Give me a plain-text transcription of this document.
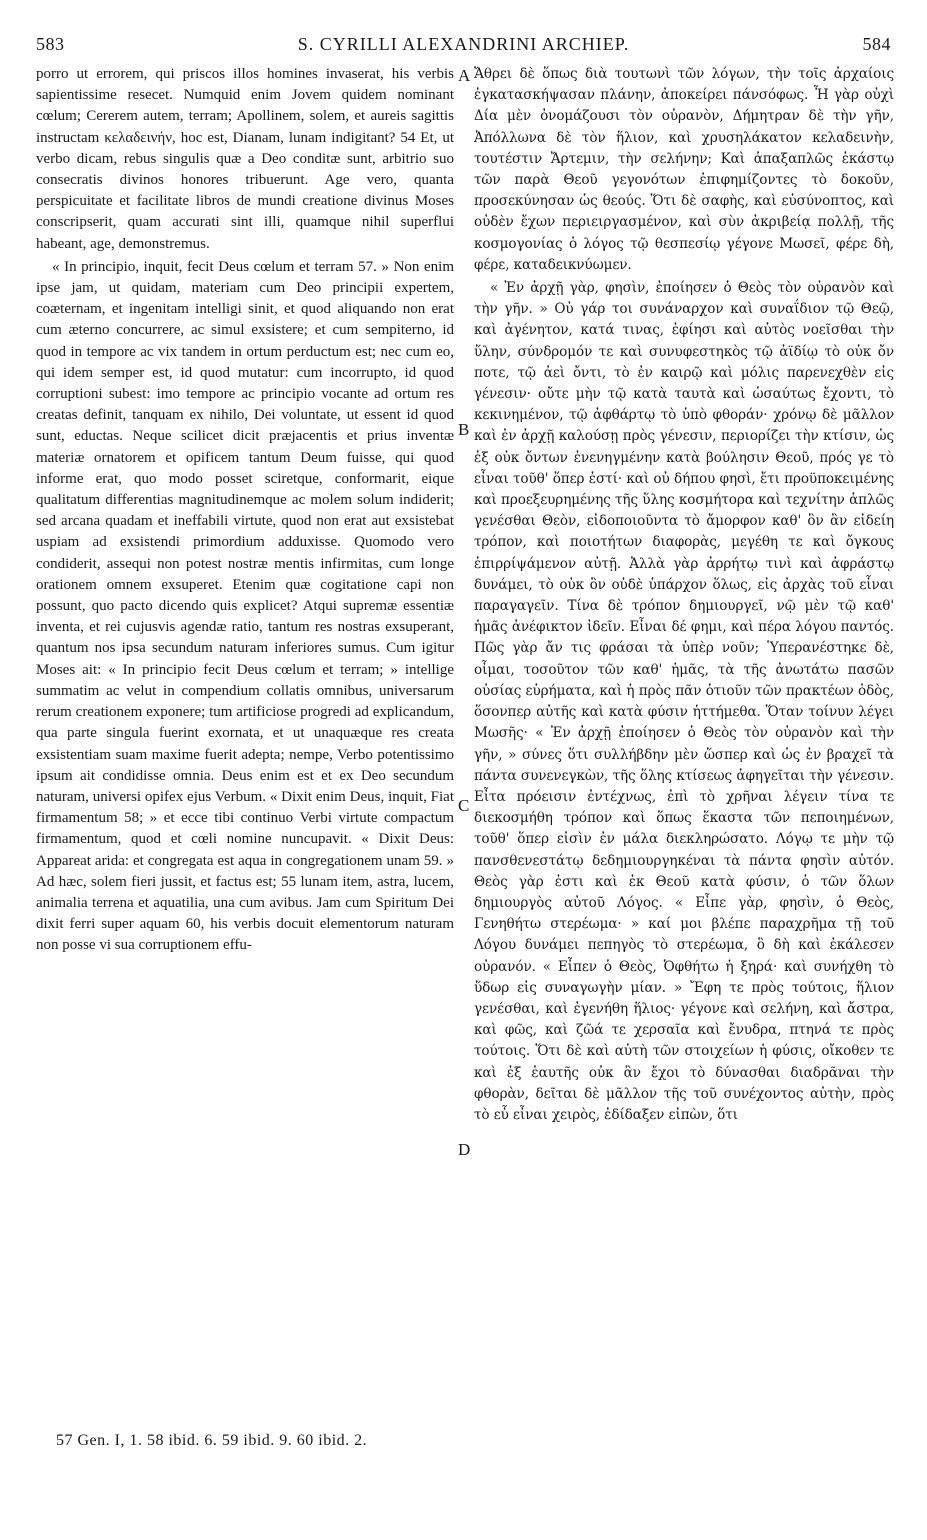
583	S. CYRILLI ALEXANDRINI ARCHIEP.	584

porro ut errorem, qui priscos illos homines invaserat, his verbis sapientissime resecet. Numquid enim Jovem quidem nominant cœlum; Cererem autem, terram; Apollinem, solem, et aureis sagittis instructam κελαδεινήν, hoc est, Dianam, lunam indigitant? 54 Et, ut verbo dicam, rebus singulis quæ a Deo conditæ sunt, arbitrio suo consecratis divinos honores tribuerunt. Age vero, quanta perspicuitate et facilitate libros de mundi creatione divinus Moses conscripserit, quam accurati sint illi, quamque nihil superflui habeant, age, demonstremus.

« In principio, inquit, fecit Deus cœlum et terram 57. » Non enim ipse jam, ut quidam, materiam cum Deo principii expertem, coæternam, et ingenitam intelligi sinit, et quod aliquando non erat cum æterno concurrere, ac simul exsistere; et cum sempiterno, id quod in tempore ac vix tandem in ortum perductum est; nec cum eo, qui idem semper est, id quod mutatur: cum incorrupto, id quod corruptioni subest: imo tempore ac principio vocante ad ortum res creatas definit, tanquam ex nihilo, Dei voluntate, ut essent id quod sunt, eductas. Neque scilicet dicit præjacentis et prius inventæ materiæ ornatorem et opificem tantum Deum fuisse, qui quod informe erat, quo modo posset sciretque, conformarit, eique qualitatum differentias magnitudinemque ac molem solum indiderit; sed arcana quadam et ineffabili virtute, quod non erat aut exsistebat uspiam ad exsistendi primordium adduxisse. Quomodo vero condiderit, assequi non potest nostræ mentis infirmitas, cum longe orationem omnem exsuperet. Etenim quæ cogitatione capi non possunt, quo pacto dicendo quis explicet? Atqui supremæ essentiæ inventa, et rei cujusvis agendæ ratio, tantum res nostras exsuperant, quantum nos ipsa secundum naturam inferiores sumus. Cum igitur Moses ait: « In principio fecit Deus cœlum et terram; » intellige summatim ac velut in compendium collatis omnibus, universarum rerum creationem exponere; tum artificiose progredi ad explicandum, qua parte singula fuerint exornata, et ut unaquæque res creata exsistentiam suam maxime fuerit adepta; nempe, Verbo potentissimo ipsum ait condidisse omnia. Deus enim est et ex Deo secundum naturam, universi opifex ejus Verbum. « Dixit enim Deus, inquit, Fiat firmamentum 58; » et ecce tibi continuo Verbi virtute compactum firmamentum, quod et cœli nomine nuncupavit. « Dixit Deus: Appareat arida: et congregata est aqua in congregationem unam 59. » Ad hæc, solem fieri jussit, et factus est; 55 lunam item, astra, lucem, animalia terrena et aquatilia, una cum avibus. Jam cum Spiritum Dei dixit ferri super aquam 60, his verbis docuit elementorum naturam non posse vi sua corruptionem effu-

A
B
C
D

Ἄθρει δὲ ὅπως διὰ τουτωνὶ τῶν λόγων, τὴν τοῖς ἀρχαίοις ἐγκατασκήψασαν πλάνην, ἀποκείρει πάνσόφως. Ἦ γὰρ οὐχὶ Δία μὲν ὀνομάζουσι τὸν οὐρανὸν, Δήμητραν δὲ τὴν γῆν, Ἀπόλλωνα δὲ τὸν ἥλιον, καὶ χρυσηλάκατον κελαδεινὴν, τουτέστιν Ἄρτεμιν, τὴν σελήνην; Καὶ ἁπαξαπλῶς ἑκάστῳ τῶν παρὰ Θεοῦ γεγονότων ἐπιφημίζοντες τὸ δοκοῦν, προσεκύνησαν ὡς θεούς. Ὅτι δὲ σαφὴς, καὶ εὐσύνοπτος, καὶ οὐδὲν ἔχων περιειργασμένον, καὶ σὺν ἀκριβείᾳ πολλῇ, τῆς κοσμογονίας ὁ λόγος τῷ θεσπεσίῳ γέγονε Μωσεῖ, φέρε δὴ, φέρε, καταδεικνύωμεν.

« Ἐν ἀρχῇ γὰρ, φησὶν, ἐποίησεν ὁ Θεὸς τὸν οὐρανὸν καὶ τὴν γῆν. » Οὐ γάρ τοι συνάναρχον καὶ συναΐδιον τῷ Θεῷ, καὶ ἀγένητον, κατά τινας, ἐφίησι καὶ αὐτὸς νοεῖσθαι τὴν ὕλην, σύνδρομόν τε καὶ συνυφεστηκὸς τῷ ἀϊδίῳ τὸ οὐκ ὄν ποτε, τῷ ἀεὶ ὄντι, τὸ ἐν καιρῷ καὶ μόλις παρενεχθὲν εἰς γένεσιν· οὔτε μὴν τῷ κατὰ ταυτὰ καὶ ὡσαύτως ἔχοντι, τὸ κεκινημένον, τῷ ἀφθάρτῳ τὸ ὑπὸ φθοράν· χρόνῳ δὲ μᾶλλον καὶ ἐν ἀρχῇ καλούσῃ πρὸς γένεσιν, περιορίζει τὴν κτίσιν, ὡς ἐξ οὐκ ὄντων ἐνενηγμένην κατὰ βούλησιν Θεοῦ, πρός γε τὸ εἶναι τοῦθ' ὅπερ ἐστί· καὶ οὐ δήπου φησὶ, ἔτι προϋποκειμένης καὶ προεξευρημένης τῆς ὕλης κοσμήτορα καὶ τεχνίτην ἁπλῶς γενέσθαι Θεὸν, εἰδοποιοῦντα τὸ ἄμορφον καθ' ὃν ἂν εἰδείη τρόπον, καὶ ποιοτήτων διαφορὰς, μεγέθη τε καὶ ὄγκους ἐπιρρίψάμενον αὐτῇ. Ἀλλὰ γὰρ ἀρρήτῳ τινὶ καὶ ἀφράστῳ δυνάμει, τὸ οὐκ ὂν οὐδὲ ὑπάρχον ὅλως, εἰς ἀρχὰς τοῦ εἶναι παραγαγεῖν. Τίνα δὲ τρόπον δημιουργεῖ, νῷ μὲν τῷ καθ' ἡμᾶς ἀνέφικτον ἰδεῖν. Εἶναι δέ φημι, καὶ πέρα λόγου παντός. Πῶς γὰρ ἄν τις φράσαι τὰ ὑπὲρ νοῦν; Ὑπερανέστηκε δὲ, οἶμαι, τοσοῦτον τῶν καθ' ἡμᾶς, τὰ τῆς ἀνωτάτω πασῶν οὐσίας εὑρήματα, καὶ ἡ πρὸς πᾶν ὁτιοῦν τῶν πρακτέων ὁδὸς, ὅσονπερ αὐτῆς καὶ κατὰ φύσιν ἡττήμεθα. Ὅταν τοίνυν λέγει Μωσῆς· « Ἐν ἀρχῇ ἐποίησεν ὁ Θεὸς τὸν οὐρανὸν καὶ τὴν γῆν, » σύνες ὅτι συλλήβδην μὲν ὥσπερ καὶ ὡς ἐν βραχεῖ τὰ πάντα συνενεγκὼν, τῆς ὅλης κτίσεως ἀφηγεῖται τὴν γένεσιν. Εἶτα πρόεισιν ἐντέχνως, ἐπὶ τὸ χρῆναι λέγειν τίνα τε διεκοσμήθη τρόπον καὶ ὅπως ἕκαστα τῶν πεποιημένων, τοῦθ' ὅπερ εἰσὶν ἐν μάλα διεκληρώσατο. Λόγῳ τε μὴν τῷ πανσθενεστάτῳ δεδημιουργηκέναι τὰ πάντα φησὶν αὐτόν. Θεὸς γὰρ ἐστι καὶ ἐκ Θεοῦ κατὰ φύσιν, ὁ τῶν ὅλων δημιουργὸς αὐτοῦ Λόγος. « Εἶπε γὰρ, φησὶν, ὁ Θεὸς, Γενηθήτω στερέωμα· » καί μοι βλέπε παραχρῆμα τῇ τοῦ Λόγου δυνάμει πεπηγὸς τὸ στερέωμα, ὃ δὴ καὶ ἐκάλεσεν οὐρανόν. « Εἶπεν ὁ Θεὸς, Ὀφθήτω ἡ ξηρά· καὶ συνήχθη τὸ ὕδωρ εἰς συναγωγὴν μίαν. » Ἔφη τε πρὸς τούτοις, ἥλιον γενέσθαι, καὶ ἐγενήθη ἥλιος· γέγονε καὶ σελήνη, καὶ ἄστρα, καὶ φῶς, καὶ ζῶά τε χερσαῖα καὶ ἔνυδρα, πτηνά τε πρὸς τούτοις. Ὅτι δὲ καὶ αὐτὴ τῶν στοιχείων ἡ φύσις, οἴκοθεν τε καὶ ἐξ ἑαυτῆς οὐκ ἂν ἔχοι τὸ δύνασθαι διαδρᾶναι τὴν φθορὰν, δεῖται δὲ μᾶλλον τῆς τοῦ συνέχοντος αὐτὴν, πρὸς τὸ εὖ εἶναι χειρὸς, ἐδίδαξεν εἰπὼν, ὅτι

57 Gen. I, 1. 58 ibid. 6. 59 ibid. 9. 60 ibid. 2.
